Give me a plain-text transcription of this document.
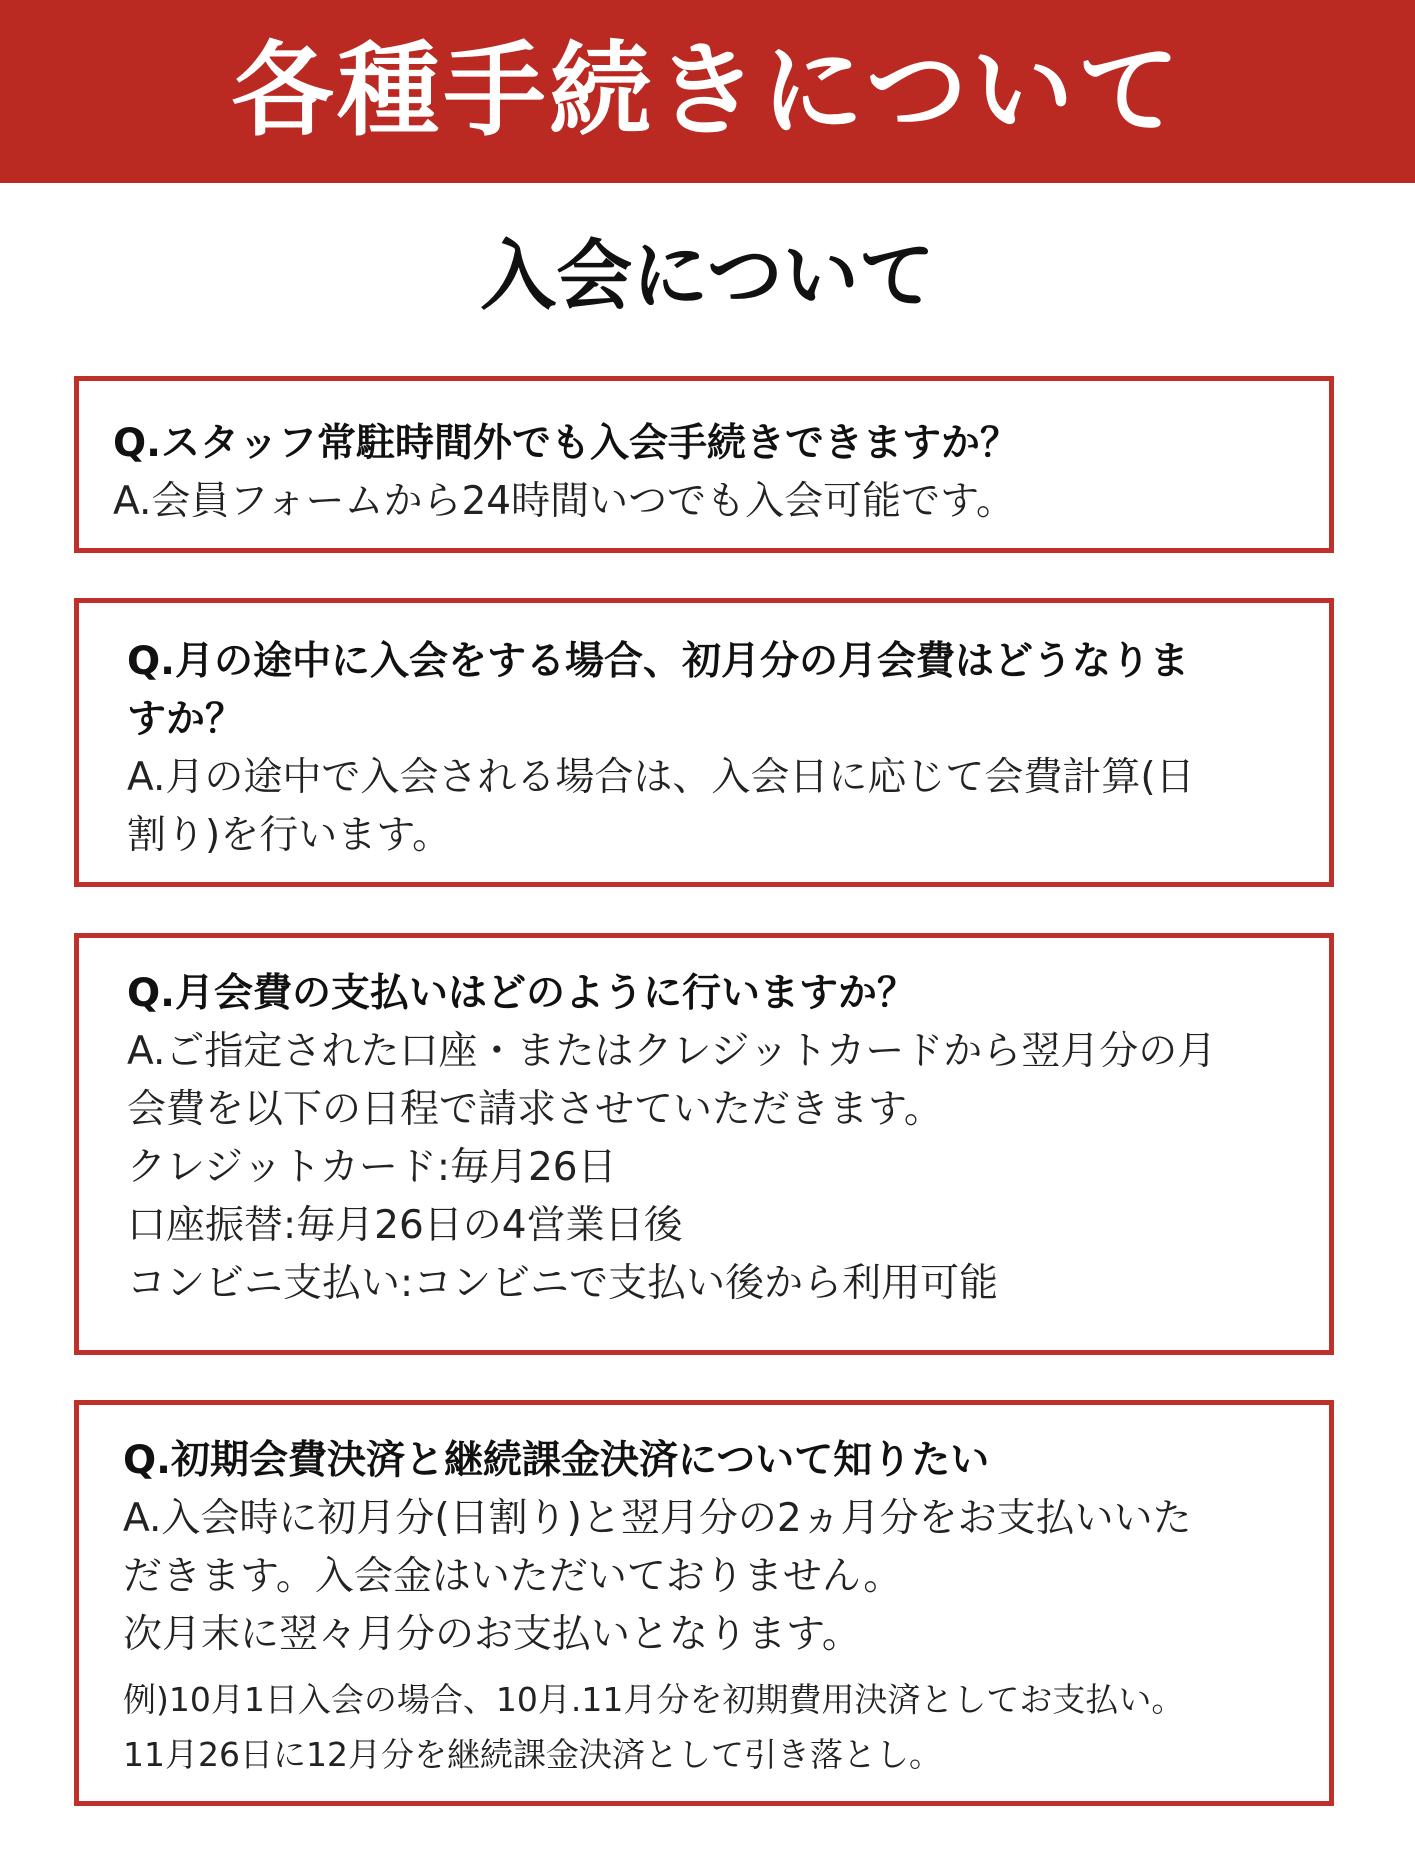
各種手続きについて
入会について

Q.スタッフ常駐時間外でも入会手続きできますか？

A.会員フォームから24時間いつでも入会可能です。

Q.月の途中に入会をする場合、初月分の月会費はどうなりま

すか？

A.月の途中で入会される場合は、入会日に応じて会費計算(日

割り)を行います。

Q.月会費の支払いはどのように行いますか？

A.ご指定された口座・またはクレジットカードから翌月分の月

会費を以下の日程で請求させていただきます。

クレジットカード:毎月26日

口座振替:毎月26日の4営業日後

コンビニ支払い:コンビニで支払い後から利用可能

Q.初期会費決済と継続課金決済について知りたい

A.入会時に初月分(日割り)と翌月分の2ヵ月分をお支払いいた

だきます。入会金はいただいておりません。

次月末に翌々月分のお支払いとなります。

例)10月1日入会の場合、10月.11月分を初期費用決済としてお支払い。

11月26日に12月分を継続課金決済として引き落とし。
